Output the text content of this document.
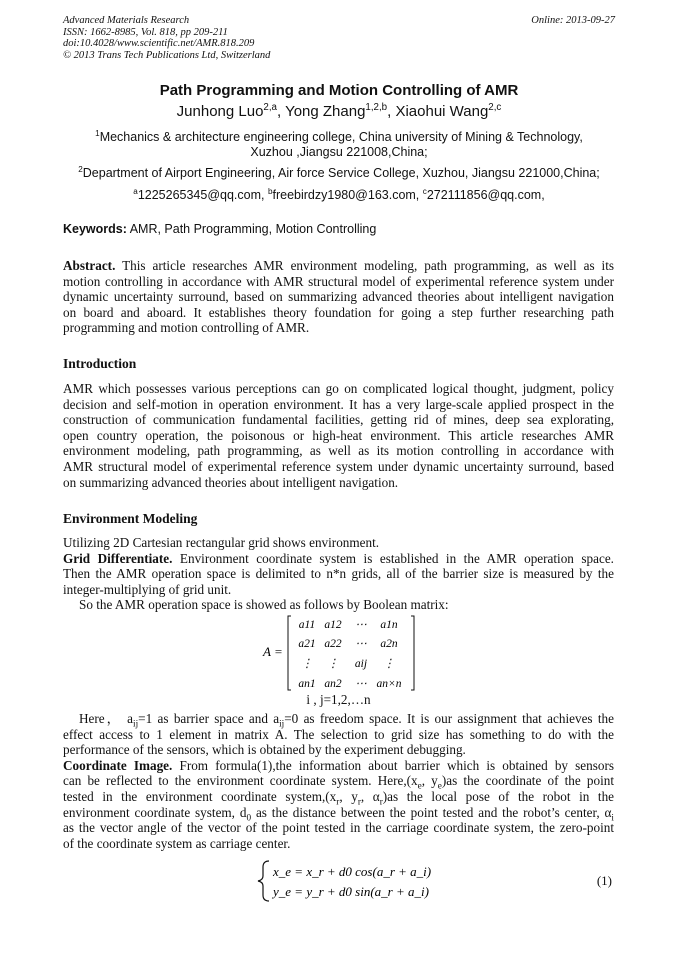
Advanced Materials Research
ISSN: 1662-8985, Vol. 818, pp 209-211
doi:10.4028/www.scientific.net/AMR.818.209
© 2013 Trans Tech Publications Ltd, Switzerland
Online: 2013-09-27
Path Programming and Motion Controlling of AMR
Junhong Luo$^{2,a}$, Yong Zhang$^{1,2,b}$, Xiaohui Wang$^{2,c}$
$^1$Mechanics & architecture engineering college, China university of Mining & Technology,
Xuzhou ,Jiangsu 221008,China;
$^2$Department of Airport Engineering, Air force Service College, Xuzhou, Jiangsu 221000,China;
$^a$1225265345@qq.com, $^b$freebirdzy1980@163.com, $^c$272111856@qq.com,
Keywords: AMR, Path Programming, Motion Controlling
Abstract. This article researches AMR environment modeling, path programming, as well as its
motion controlling in accordance with AMR structural model of experimental reference system under
dynamic uncertainty surround, based on summarizing advanced theories about intelligent navigation
on board and aboard. It establishes theory foundation for going a step further researching path
programming and motion controlling of AMR.
Introduction
AMR which possesses various perceptions can go on complicated logical thought, judgment, policy
decision and self-motion in operation environment. It has a very large-scale applied prospect in the
construction of communication fundamental facilities, getting rid of mines, deep sea explorating,
open country operation, the poisonous or high-heat environment. This article researches AMR
environment modeling, path programming, as well as its motion controlling in accordance with
AMR structural model of experimental reference system under dynamic uncertainty surround, based
on summarizing advanced theories about intelligent navigation.
Environment Modeling
Utilizing 2D Cartesian rectangular grid shows environment.
Grid Differentiate. Environment coordinate system is established in the AMR operation space.
Then the AMR operation space is delimited to n*n grids, all of the barrier size is measured by the
integer-multiplying of grid unit.
So the AMR operation space is showed as follows by Boolean matrix:
A =
a11 a12 ⋯ a1n
a21 a22 ⋯ a2n
⋮ ⋮ aij ⋮
an1 an2 ⋯ an×n
i , j=1,2,…n
Here， $a_{ij}=1$ as barrier space and $a_{ij}=0$ as freedom space. It is our assignment that achieves the
effect access to 1 element in matrix A. The selection to grid size has something to do with the
performance of the sensors, which is obtained by the experiment debugging.
Coordinate Image. From formula(1),the information about barrier which is obtained by sensors
can be reflected to the environment coordinate system. $Here,(x_e$, $y_e)as$ the coordinate of the point
tested in the environment coordinate $system,(x_r$, $y_r$, $\alpha_r)as$ the local pose of the robot in the
environment coordinate system, $d_0$ as the distance between the point tested and the robot’s center, $\alpha_i$
as the vector angle of the vector of the point tested in the carriage coordinate system, the zero-point
of the coordinate system as carriage center.
x_e = x_r + d0 cos(a_r + a_i)
y_e = y_r + d0 sin(a_r + a_i)
(1)
